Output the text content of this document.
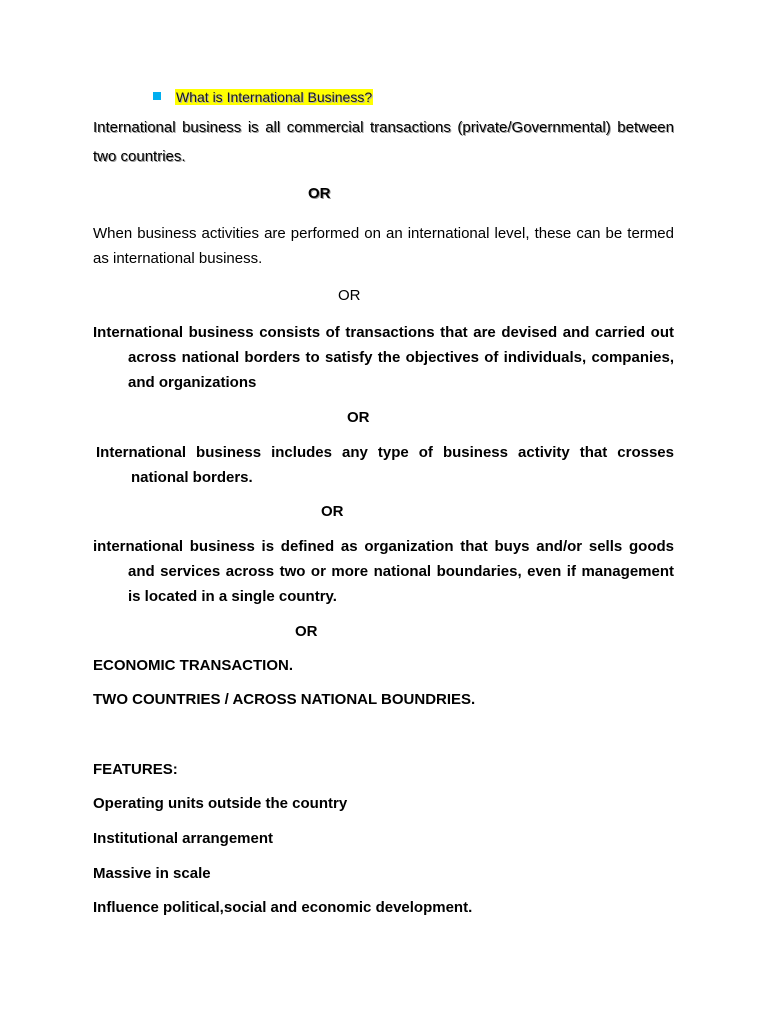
What is International Business?

International business is all commercial transactions (private/Governmental) between two countries.

OR

When business activities are performed on an international level, these can be termed as international business.

OR

International business consists of transactions that are devised and carried out across national borders to satisfy the objectives of individuals, companies, and organizations

OR

International business includes any type of business activity that crosses national borders.

OR

international business is defined as organization that buys and/or sells goods and services across two or more national boundaries, even if management is located in a single country.

OR

ECONOMIC TRANSACTION.

TWO COUNTRIES / ACROSS NATIONAL BOUNDRIES.

FEATURES:

Operating units outside the country

Institutional arrangement

Massive in scale

Influence political,social and economic development.
